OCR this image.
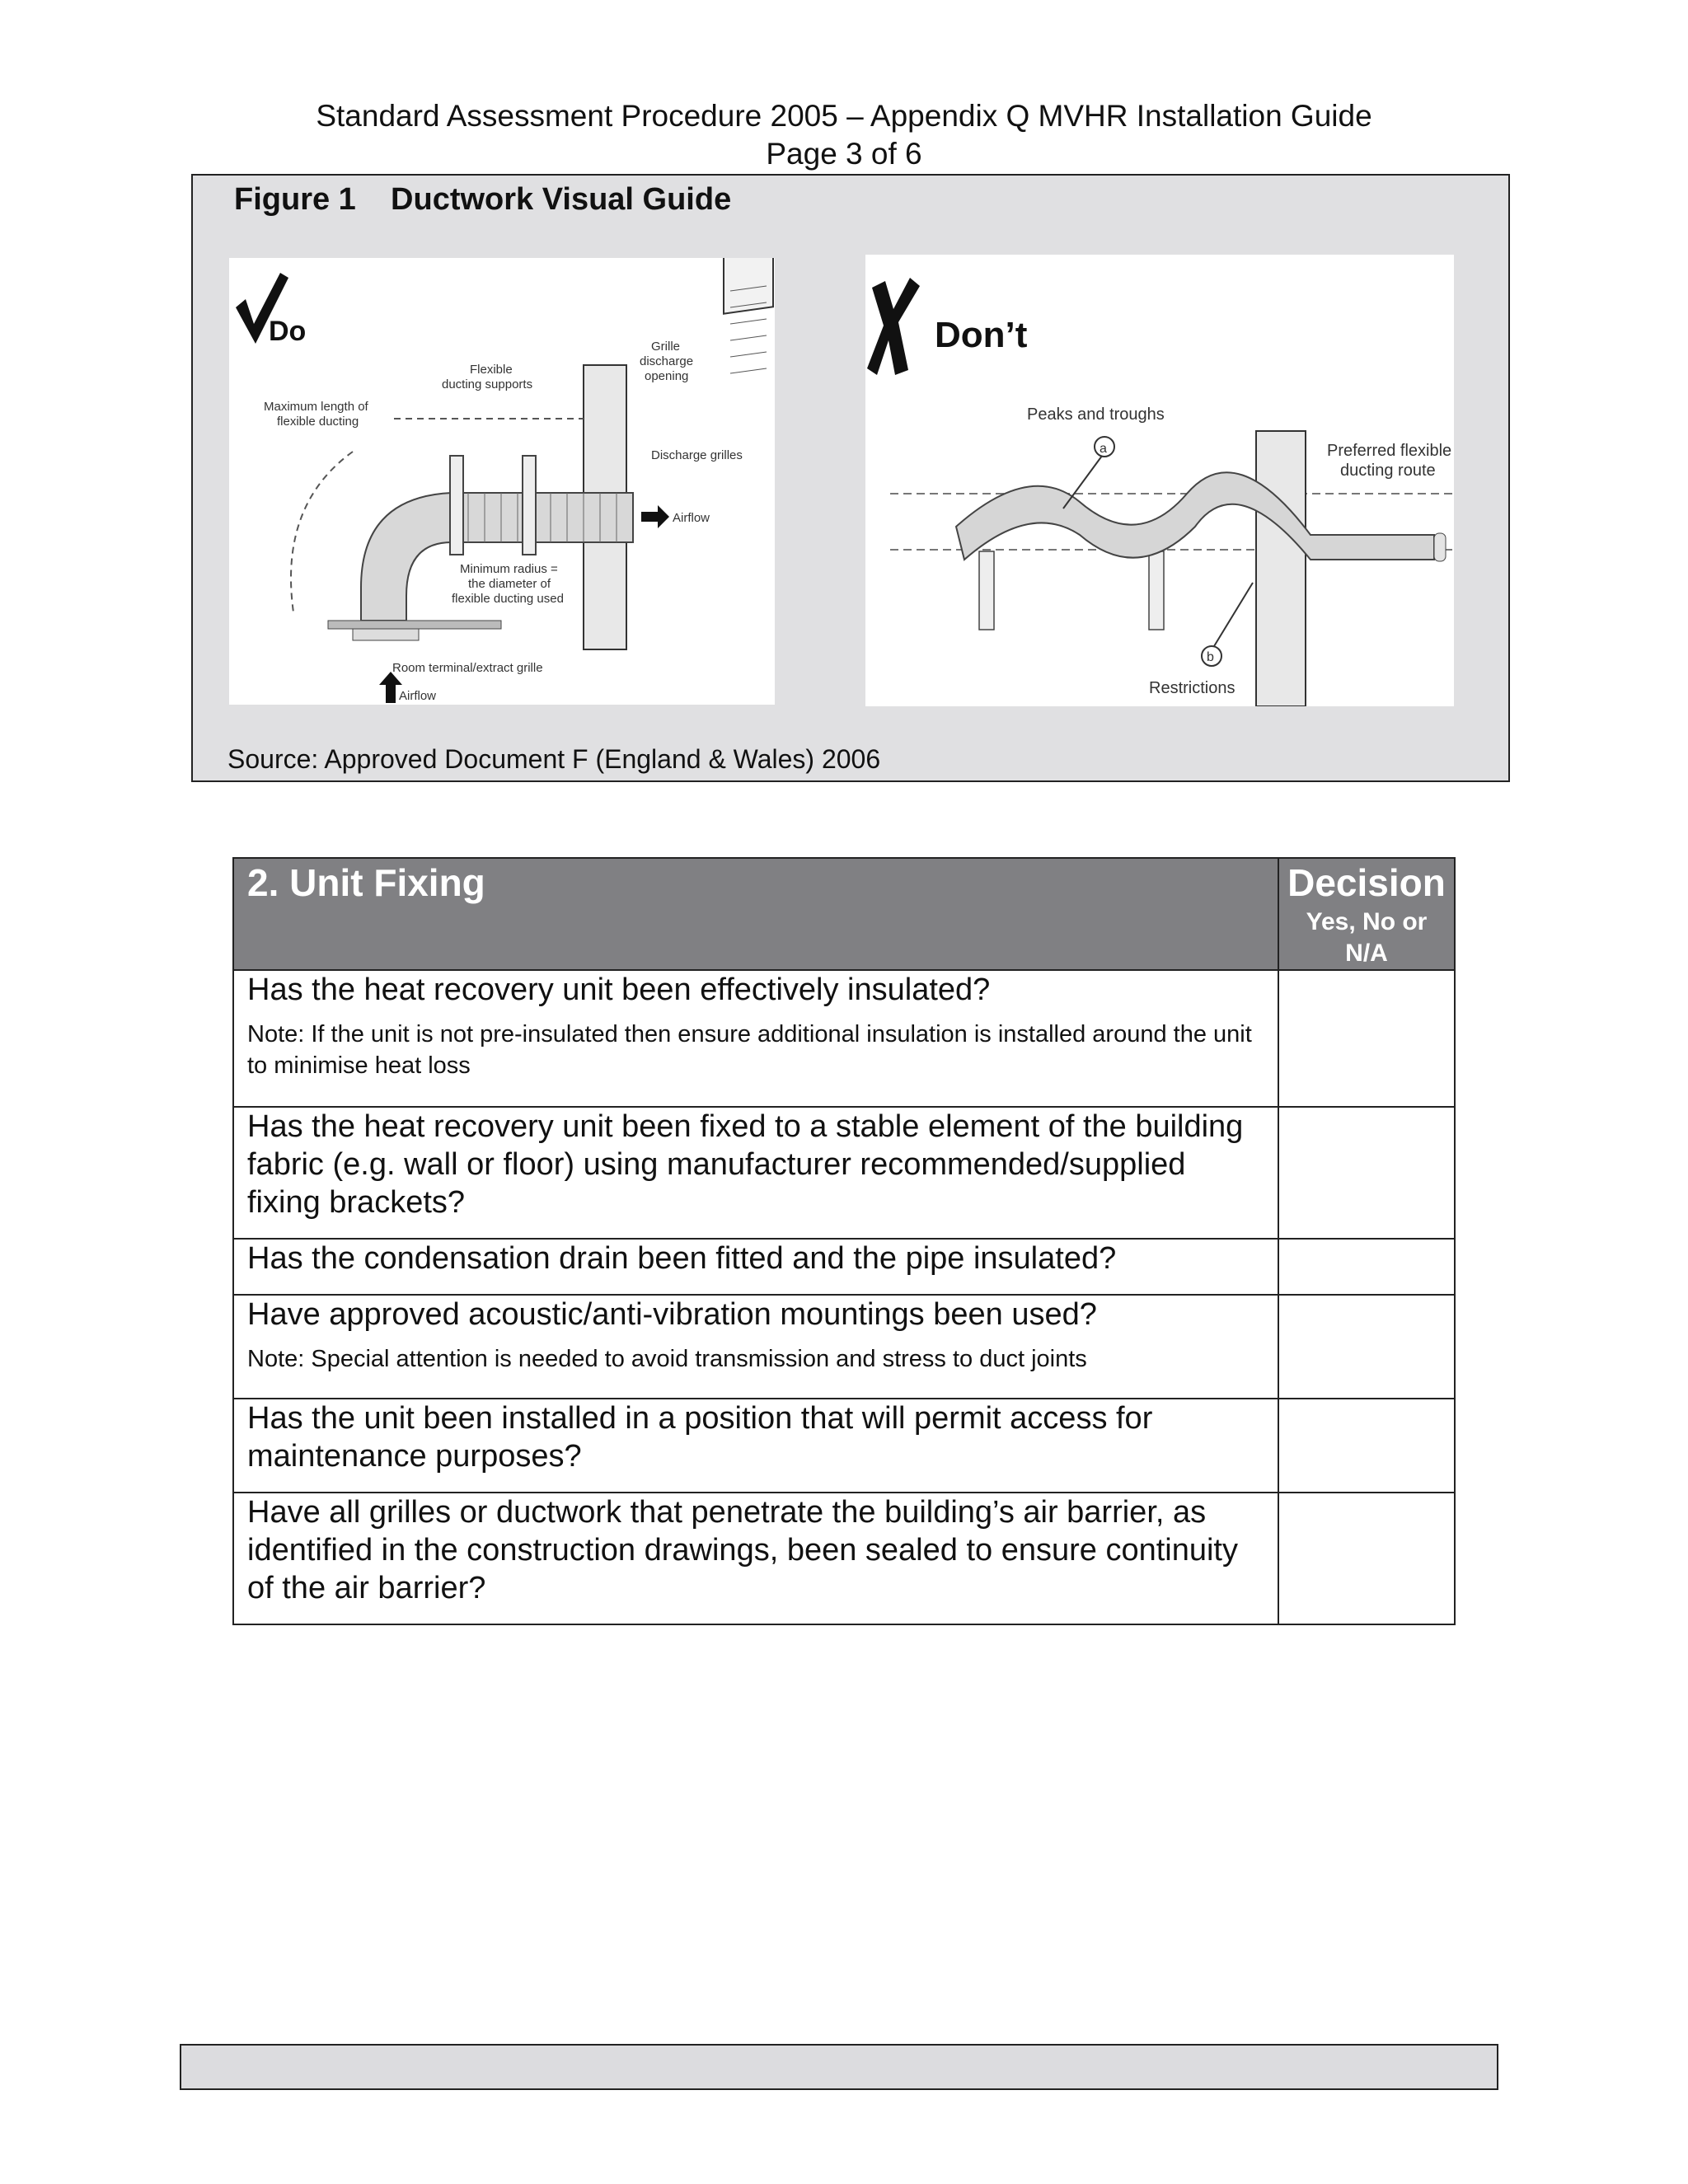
Standard Assessment Procedure 2005 – Appendix Q MVHR Installation Guide
Page 3 of 6
Figure 1    Ductwork Visual Guide
Do
Maximum length of
flexible ducting
Flexible
ducting supports
Grille
discharge
opening
Discharge grilles
Airflow
Minimum radius =
the diameter of
flexible ducting used
Room terminal/extract grille
Airflow
Don’t
Peaks and troughs
a	Preferred flexible
ducting route
b
Restrictions
Source: Approved Document F (England & Wales) 2006
2. Unit Fixing	Decision
Yes, No or N/A

Has the heat recovery unit been effectively insulated?
Note: If the unit is not pre-insulated then ensure additional insulation is installed around the unit to minimise heat loss	

Has the heat recovery unit been fixed to a stable element of the building fabric (e.g. wall or floor) using manufacturer recommended/supplied fixing brackets?	

Has the condensation drain been fitted and the pipe insulated?	

Have approved acoustic/anti-vibration mountings been used?
Note: Special attention is needed to avoid transmission and stress to duct joints	

Has the unit been installed in a position that will permit access for maintenance purposes?	

Have all grilles or ductwork that penetrate the building’s air barrier, as identified in the construction drawings, been sealed to ensure continuity of the air barrier?	
